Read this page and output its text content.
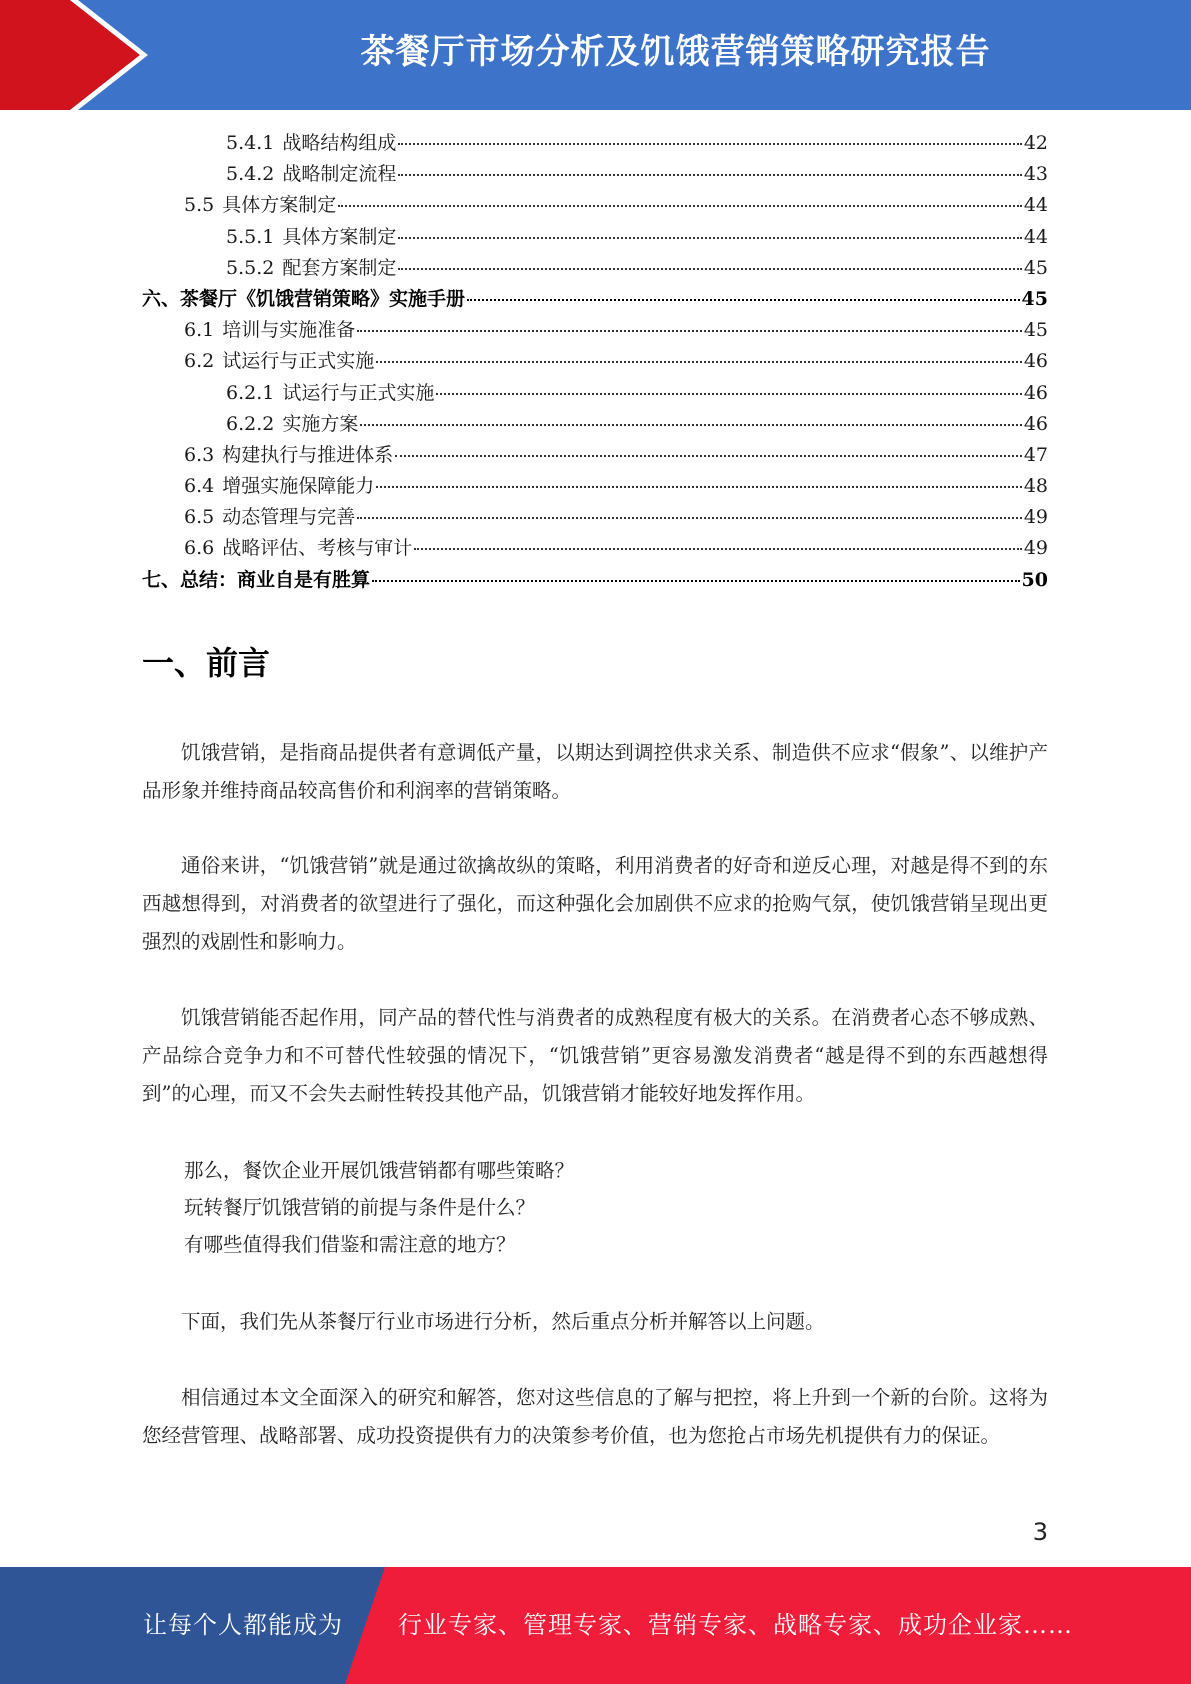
茶餐厅市场分析及饥饿营销策略研究报告
5.4.1 战略结构组成	42
5.4.2 战略制定流程	43
5.5 具体方案制定	44
5.5.1 具体方案制定	44
5.5.2 配套方案制定	45
六、茶餐厅《饥饿营销策略》实施手册	45
6.1 培训与实施准备	45
6.2 试运行与正式实施	46
6.2.1 试运行与正式实施	46
6.2.2 实施方案	46
6.3 构建执行与推进体系	47
6.4 增强实施保障能力	48
6.5 动态管理与完善	49
6.6 战略评估、考核与审计	49
七、总结：商业自是有胜算	50
一、前言

饥饿营销，是指商品提供者有意调低产量，以期达到调控供求关系、制造供不应求“假象”、以维护产品形象并维持商品较高售价和利润率的营销策略。

通俗来讲，“饥饿营销”就是通过欲擒故纵的策略，利用消费者的好奇和逆反心理，对越是得不到的东西越想得到，对消费者的欲望进行了强化，而这种强化会加剧供不应求的抢购气氛，使饥饿营销呈现出更强烈的戏剧性和影响力。

饥饿营销能否起作用，同产品的替代性与消费者的成熟程度有极大的关系。在消费者心态不够成熟、产品综合竞争力和不可替代性较强的情况下，“饥饿营销”更容易激发消费者“越是得不到的东西越想得到”的心理，而又不会失去耐性转投其他产品，饥饿营销才能较好地发挥作用。

那么，餐饮企业开展饥饿营销都有哪些策略？
玩转餐厅饥饿营销的前提与条件是什么？
有哪些值得我们借鉴和需注意的地方？

下面，我们先从茶餐厅行业市场进行分析，然后重点分析并解答以上问题。

相信通过本文全面深入的研究和解答，您对这些信息的了解与把控，将上升到一个新的台阶。这将为您经营管理、战略部署、成功投资提供有力的决策参考价值，也为您抢占市场先机提供有力的保证。

3
让每个人都能成为 行业专家、管理专家、营销专家、战略专家、成功企业家……
